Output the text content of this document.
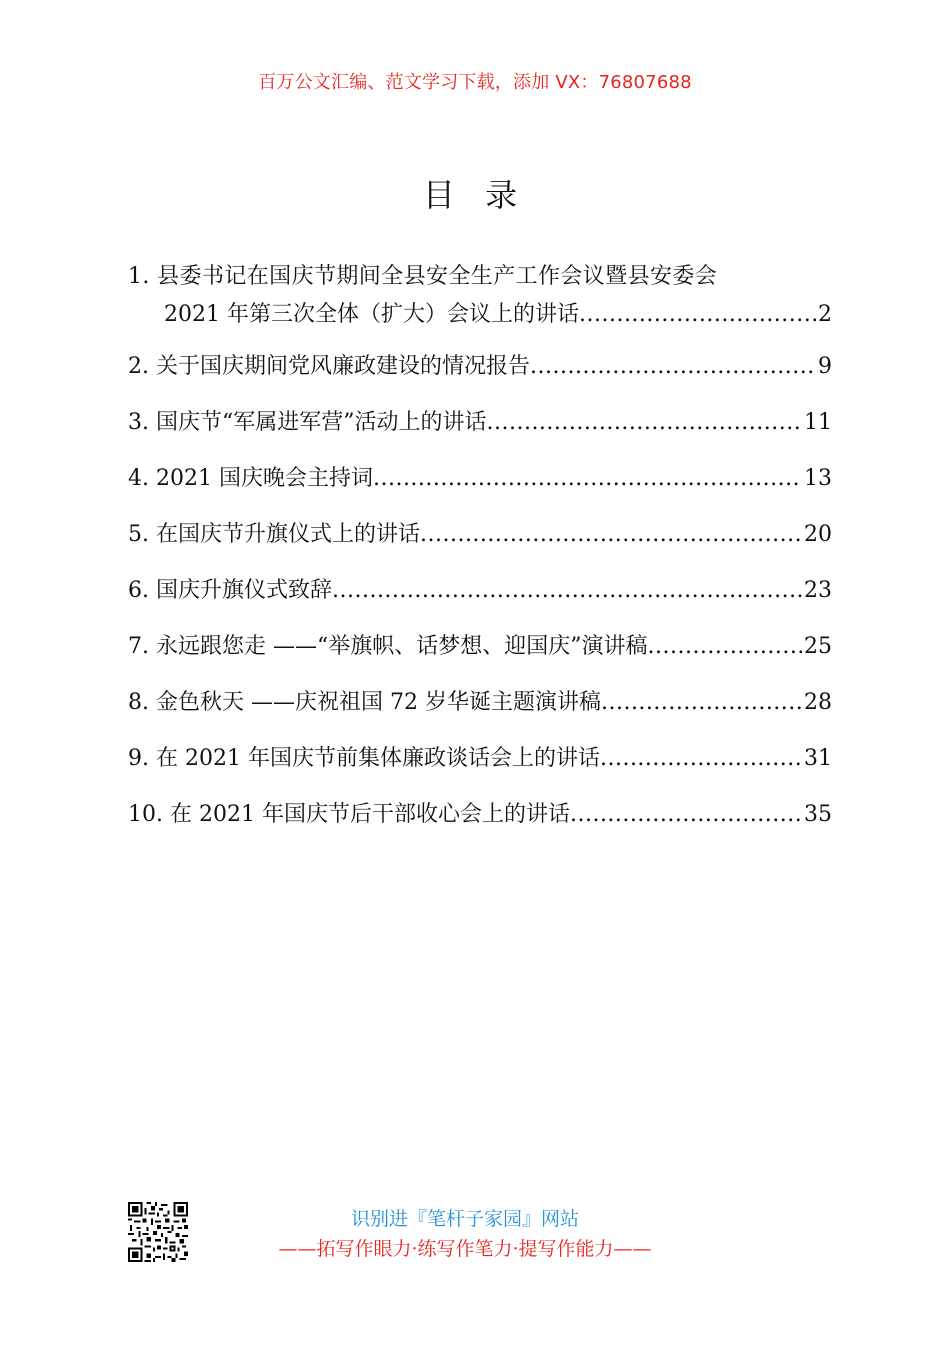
百万公文汇编、范文学习下载，添加 VX：76807688
目 录
1. 县委书记在国庆节期间全县安全生产工作会议暨县安委会
2021 年第三次全体（扩大）会议上的讲话 .....	2
2. 关于国庆期间党风廉政建设的情况报告 .....	9
3. 国庆节“军属进军营”活动上的讲话 .....	11
4. 2021 国庆晚会主持词 .....	13
5. 在国庆节升旗仪式上的讲话 .....	20
6. 国庆升旗仪式致辞 .....	23
7. 永远跟您走 ——“举旗帜、话梦想、迎国庆”演讲稿 .....	25
8. 金色秋天 ——庆祝祖国 72 岁华诞主题演讲稿 .....	28
9. 在 2021 年国庆节前集体廉政谈话会上的讲话 .....	31
10. 在 2021 年国庆节后干部收心会上的讲话 .....	35
识别进『笔杆子家园』网站
——拓写作眼力·练写作笔力·提写作能力——
